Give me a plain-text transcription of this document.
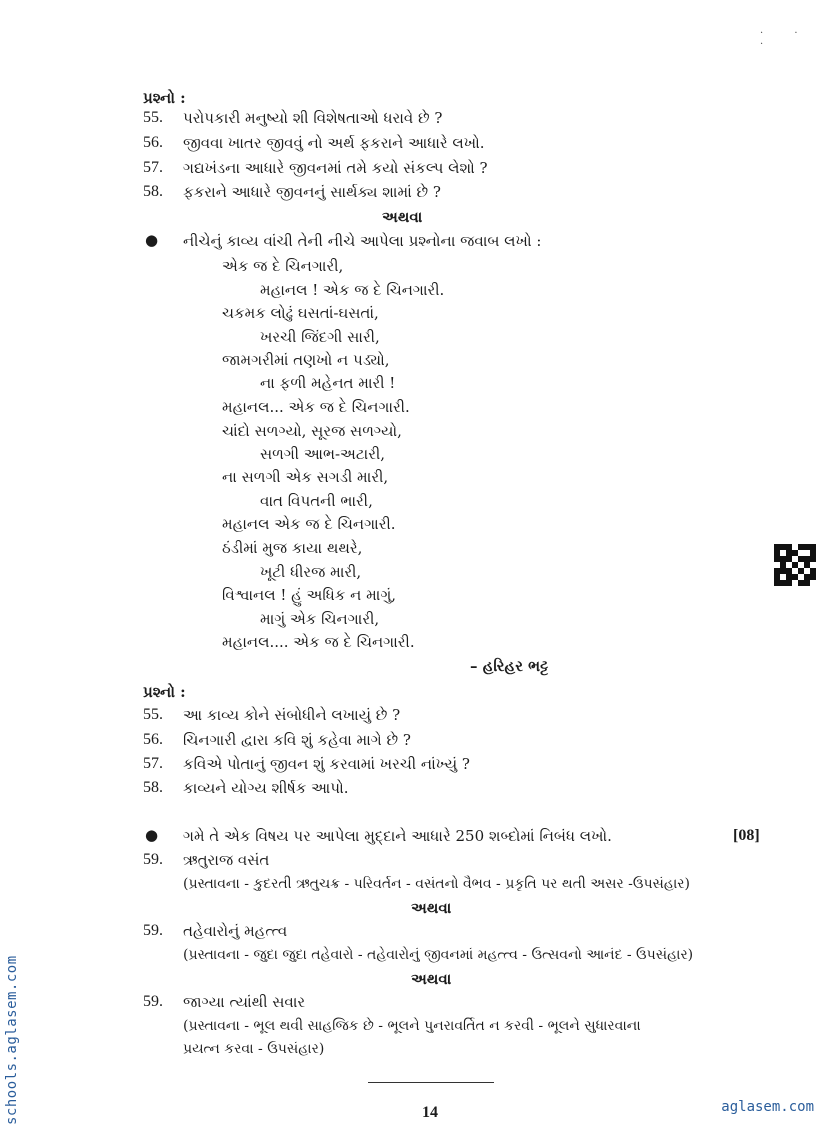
· · ·
પ્રશ્નો :
55. પરોપકારી મનુષ્યો શી વિશેષતાઓ ધરાવે છે ?
56. જીવવા ખાતર જીવવું નો અર્થ ફકરાને આધારે લખો.
57. ગદ્યખંડના આધારે જીવનમાં તમે કયો સંકલ્પ લેશો ?
58. ફકરાને આધારે જીવનનું સાર્થક્ય શામાં છે ?
અથવા
● નીચેનું કાવ્ય વાંચી તેની નીચે આપેલા પ્રશ્નોના જવાબ લખો :
એક જ દે ચિનગારી,
મહાનલ ! એક જ દે ચિનગારી.
ચકમક લોઢું ઘસતાં-ઘસતાં,
ખરચી જિંદગી સારી,
જામગરીમાં તણખો ન પડ્યો,
ના ફળી મહેનત મારી !
મહાનલ... એક જ દે ચિનગારી.
ચાંદો સળગ્યો, સૂરજ સળગ્યો,
સળગી આભ-અટારી,
ના સળગી એક સગડી મારી,
વાત વિપતની ભારી,
મહાનલ એક જ દે ચિનગારી.
ઠંડીમાં મુજ કાયા થથરે,
ખૂટી ધીરજ મારી,
વિશ્વાનલ ! હું અધિક ન માગું,
માગું એક ચિનગારી,
મહાનલ.... એક જ દે ચિનગારી.
– હરિહર ભટ્ટ
પ્રશ્નો :
55. આ કાવ્ય કોને સંબોધીને લખાયું છે ?
56. ચિનગારી દ્વારા કવિ શું કહેવા માગે છે ?
57. કવિએ પોતાનું જીવન શું કરવામાં ખરચી નાંખ્યું ?
58. કાવ્યને યોગ્ય શીર્ષક આપો.
● ગમે તે એક વિષય પર આપેલા મુદ્દાને આધારે 250 શબ્દોમાં નિબંધ લખો.	[08]
59. ઋતુરાજ વસંત
(પ્રસ્તાવના - કુદરતી ઋતુચક્ર - પરિવર્તન - વસંતનો વૈભવ - પ્રકૃતિ પર થતી અસર -ઉપસંહાર)
અથવા
59. તહેવારોનું મહત્ત્વ
(પ્રસ્તાવના - જુદા જુદા તહેવારો - તહેવારોનું જીવનમાં મહત્ત્વ - ઉત્સવનો આનંદ - ઉપસંહાર)
અથવા
59. જાગ્યા ત્યાંથી સવાર
(પ્રસ્તાવના - ભૂલ થવી સાહજિક છે - ભૂલને પુનરાવર્તિત ન કરવી - ભૂલને સુધારવાના
પ્રયત્ન કરવા - ઉપસંહાર)
14
schools.aglasem.com	aglasem.com
